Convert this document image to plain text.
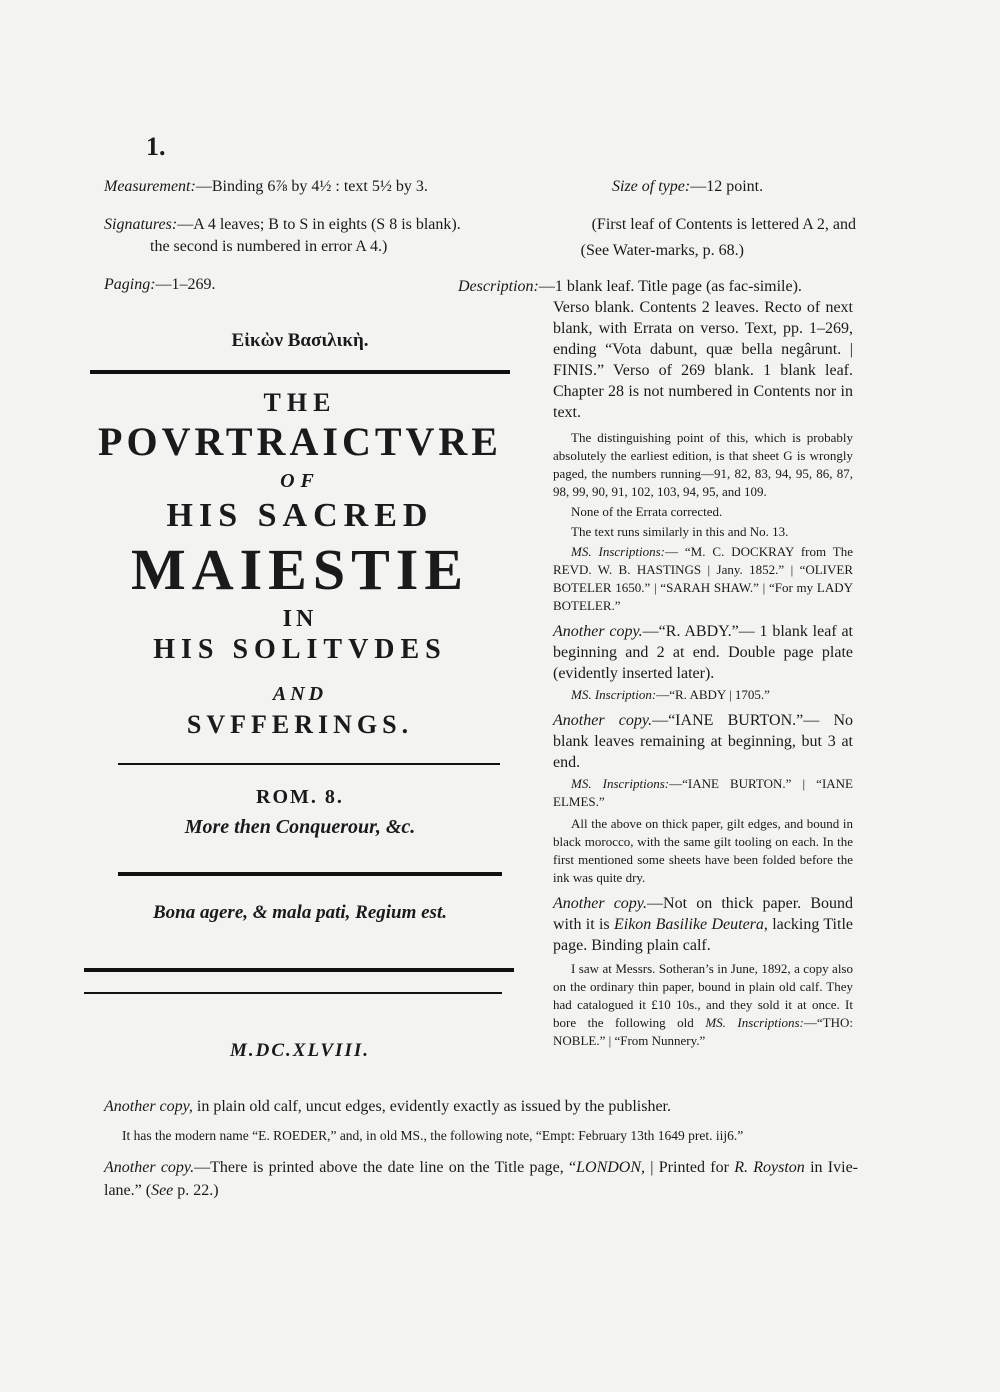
1.
Measurement:—Binding 6⅞ by 4½ : text 5½ by 3.	Size of type:—12 point.
Signatures:—A 4 leaves; B to S in eights (S 8 is blank).
the second is numbered in error A 4.)
(First leaf of Contents is lettered A 2, and
(See Water-marks, p. 68.)
Paging:—1–269.
Εἰκὼν Βασιλικὴ.
THE
POVRTRAICTVRE
OF
HIS SACRED
MAIESTIE
IN
HIS SOLITVDES
AND
SVFFERINGS.
ROM. 8.
More then Conquerour, &c.
Bona agere, & mala pati, Regium est.
M.DC.XLVIII.
Description:—1 blank leaf. Title page (as fac-simile).
Verso blank. Contents 2 leaves. Recto of next blank, with Errata on verso. Text, pp. 1–269, ending “Vota dabunt, quæ bella negârunt. | FINIS.” Verso of 269 blank. 1 blank leaf. Chapter 28 is not numbered in Contents nor in text.
The distinguishing point of this, which is probably absolutely the earliest edition, is that sheet G is wrongly paged, the numbers running—91, 82, 83, 94, 95, 86, 87, 98, 99, 90, 91, 102, 103, 94, 95, and 109.
None of the Errata corrected.
The text runs similarly in this and No. 13.
MS. Inscriptions:— “M. C. DOCKRAY from The REVD. W. B. HASTINGS | Jany. 1852.” | “OLIVER BOTELER 1650.” | “SARAH SHAW.” | “For my LADY BOTELER.”
Another copy.—“R. ABDY.”— 1 blank leaf at beginning and 2 at end. Double page plate (evidently inserted later).
MS. Inscription:—“R. ABDY | 1705.”
Another copy.—“IANE BURTON.”— No blank leaves remaining at beginning, but 3 at end.
MS. Inscriptions:—“IANE BURTON.” | “IANE ELMES.”
All the above on thick paper, gilt edges, and bound in black morocco, with the same gilt tooling on each. In the first mentioned some sheets have been folded before the ink was quite dry.
Another copy.—Not on thick paper. Bound with it is Eikon Basilike Deutera, lacking Title page. Binding plain calf.
I saw at Messrs. Sotheran’s in June, 1892, a copy also on the ordinary thin paper, bound in plain old calf. They had catalogued it £10 10s., and they sold it at once. It bore the following old MS. Inscriptions:—“THO: NOBLE.” | “From Nunnery.”
Another copy, in plain old calf, uncut edges, evidently exactly as issued by the publisher.
It has the modern name “E. ROEDER,” and, in old MS., the following note, “Empt: February 13th 1649 pret. iij6.”
Another copy.—There is printed above the date line on the Title page, “LONDON, | Printed for R. Royston in Ivie-lane.” (See p. 22.)
